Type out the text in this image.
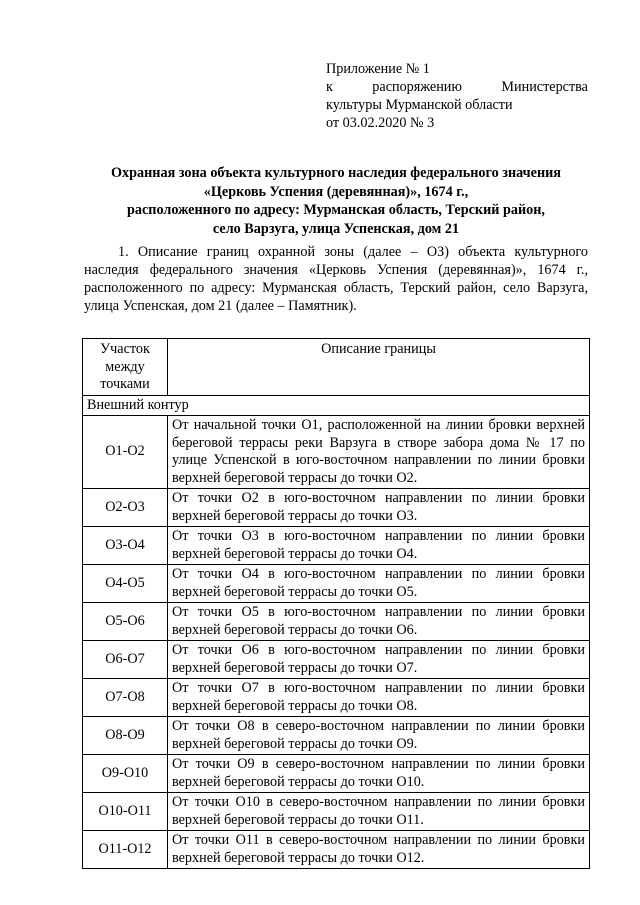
Приложение № 1
к	распоряжению	Министерства
культуры Мурманской области
от 03.02.2020 № 3
Охранная зона объекта культурного наследия федерального значения
«Церковь Успения (деревянная)», 1674 г.,
расположенного по адресу: Мурманская область, Терский район,
село Варзуга, улица Успенская, дом 21
1. Описание границ охранной зоны (далее – ОЗ) объекта культурного наследия федерального значения «Церковь Успения (деревянная)», 1674 г., расположенного по адресу: Мурманская область, Терский район, село Варзуга, улица Успенская, дом 21 (далее – Памятник).
Участок между точками	Описание границы
Внешний контур	
О1-О2	От начальной точки О1, расположенной на линии бровки верхней береговой террасы реки Варзуга в створе забора дома № 17 по улице Успенской в юго-восточном направлении по линии бровки верхней береговой террасы до точки О2.
О2-О3	От точки О2 в юго-восточном направлении по линии бровки верхней береговой террасы до точки О3.
О3-О4	От точки О3 в юго-восточном направлении по линии бровки верхней береговой террасы до точки О4.
О4-О5	От точки О4 в юго-восточном направлении по линии бровки верхней береговой террасы до точки О5.
О5-О6	От точки О5 в юго-восточном направлении по линии бровки верхней береговой террасы до точки О6.
О6-О7	От точки О6 в юго-восточном направлении по линии бровки верхней береговой террасы до точки О7.
О7-О8	От точки О7 в юго-восточном направлении по линии бровки верхней береговой террасы до точки О8.
О8-О9	От точки О8 в северо-восточном направлении по линии бровки верхней береговой террасы до точки О9.
О9-О10	От точки О9 в северо-восточном направлении по линии бровки верхней береговой террасы до точки О10.
О10-О11	От точки О10 в северо-восточном направлении по линии бровки верхней береговой террасы до точки О11.
О11-О12	От точки О11 в северо-восточном направлении по линии бровки верхней береговой террасы до точки О12.
